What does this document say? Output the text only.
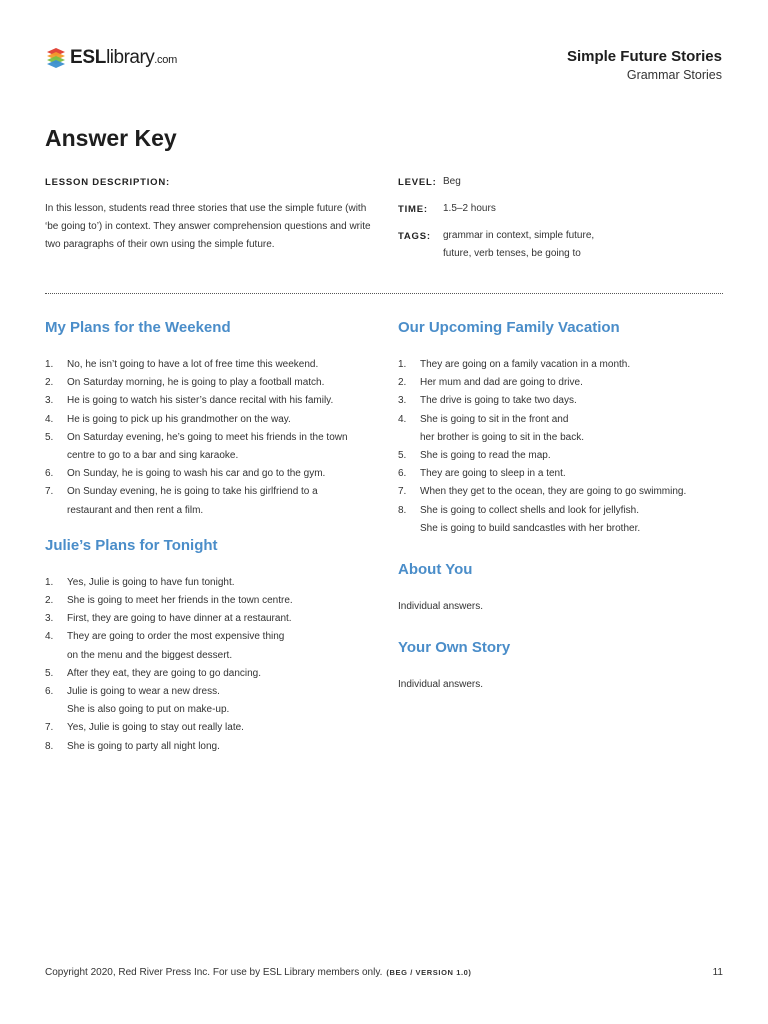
ESLlibrary.com	Simple Future Stories
Grammar Stories
Answer Key
LESSON DESCRIPTION:
In this lesson, students read three stories that use the simple future (with ‘be going to’) in context. They answer comprehension questions and write two paragraphs of their own using the simple future.
LEVEL: Beg
TIME: 1.5–2 hours
TAGS: grammar in context, simple future,
future, verb tenses, be going to
My Plans for the Weekend
1.	No, he isn’t going to have a lot of free time this weekend.
2.	On Saturday morning, he is going to play a football match.
3.	He is going to watch his sister’s dance recital with his family.
4.	He is going to pick up his grandmother on the way.
5.	On Saturday evening, he’s going to meet his friends in the town
centre to go to a bar and sing karaoke.
6.	On Sunday, he is going to wash his car and go to the gym.
7.	On Sunday evening, he is going to take his girlfriend to a
restaurant and then rent a film.
Julie’s Plans for Tonight
1.	Yes, Julie is going to have fun tonight.
2.	She is going to meet her friends in the town centre.
3.	First, they are going to have dinner at a restaurant.
4.	They are going to order the most expensive thing
on the menu and the biggest dessert.
5.	After they eat, they are going to go dancing.
6.	Julie is going to wear a new dress.
She is also going to put on make-up.
7.	Yes, Julie is going to stay out really late.
8.	She is going to party all night long.
Our Upcoming Family Vacation
1.	They are going on a family vacation in a month.
2.	Her mum and dad are going to drive.
3.	The drive is going to take two days.
4.	She is going to sit in the front and
her brother is going to sit in the back.
5.	She is going to read the map.
6.	They are going to sleep in a tent.
7.	When they get to the ocean, they are going to go swimming.
8.	She is going to collect shells and look for jellyfish.
She is going to build sandcastles with her brother.
About You
Individual answers.
Your Own Story
Individual answers.
Copyright 2020, Red River Press Inc. For use by ESL Library members only. (BEG / VERSION 1.0)	11
